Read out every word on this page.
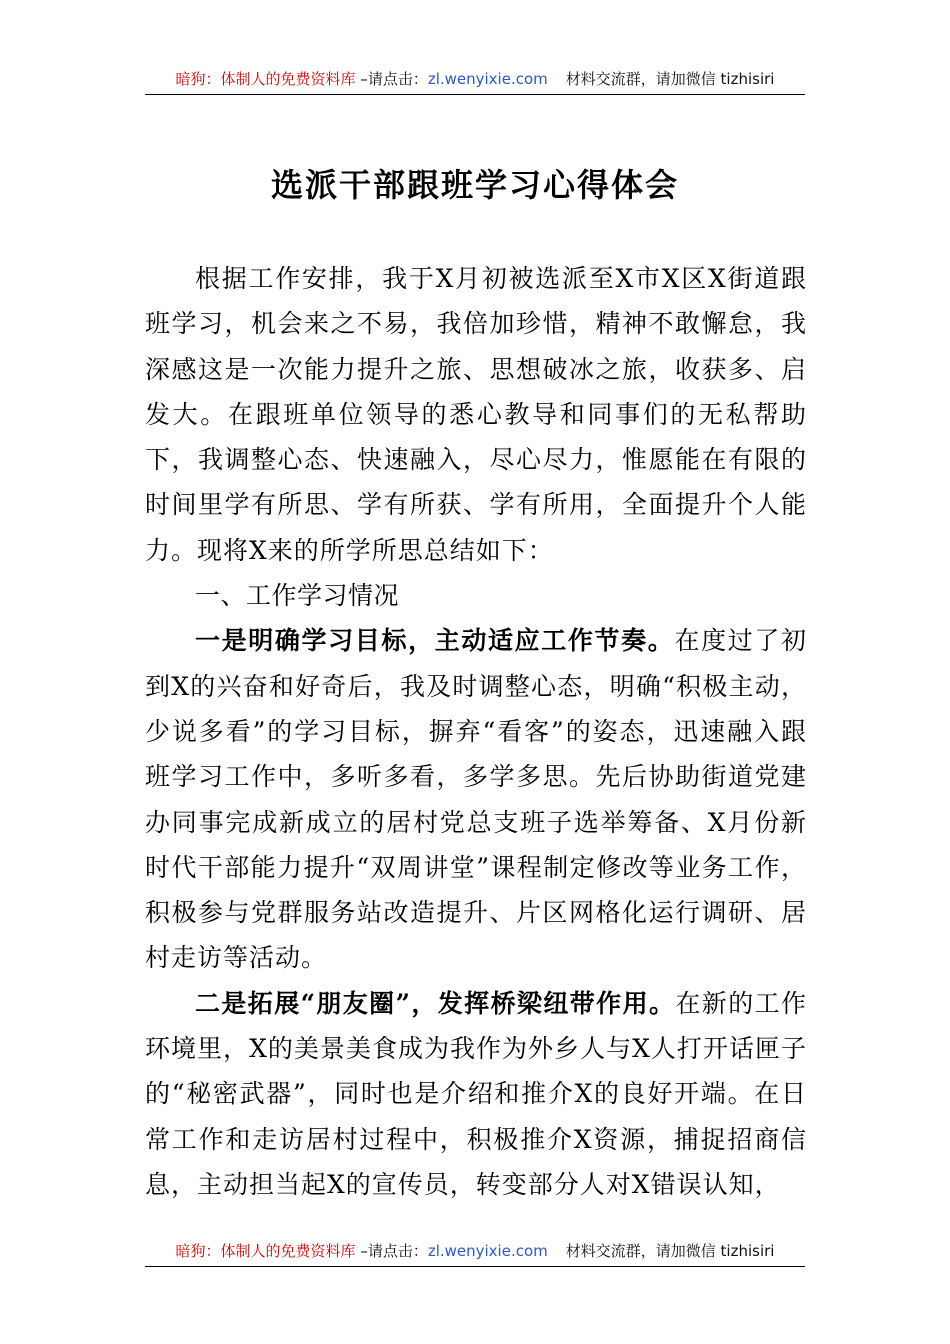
暗狗：体制人的免费资料库 –请点击：zl.wenyixie.com 材料交流群，请加微信 tizhisiri
选派干部跟班学习心得体会

根据工作安排，我于X月初被选派至X市X区X街道跟班学习，机会来之不易，我倍加珍惜，精神不敢懈怠，我深感这是一次能力提升之旅、思想破冰之旅，收获多、启发大。在跟班单位领导的悉心教导和同事们的无私帮助下，我调整心态、快速融入，尽心尽力，惟愿能在有限的时间里学有所思、学有所获、学有所用，全面提升个人能力。现将X来的所学所思总结如下：

一、工作学习情况

一是明确学习目标，主动适应工作节奏。在度过了初到X的兴奋和好奇后，我及时调整心态，明确“积极主动，少说多看”的学习目标，摒弃“看客”的姿态，迅速融入跟班学习工作中，多听多看，多学多思。先后协助街道党建办同事完成新成立的居村党总支班子选举筹备、X月份新时代干部能力提升“双周讲堂”课程制定修改等业务工作，积极参与党群服务站改造提升、片区网格化运行调研、居村走访等活动。

二是拓展“朋友圈”，发挥桥梁纽带作用。在新的工作环境里，X的美景美食成为我作为外乡人与X人打开话匣子的“秘密武器”，同时也是介绍和推介X的良好开端。在日常工作和走访居村过程中，积极推介X资源，捕捉招商信息，主动担当起X的宣传员，转变部分人对X错误认知，

暗狗：体制人的免费资料库 –请点击：zl.wenyixie.com 材料交流群，请加微信 tizhisiri
